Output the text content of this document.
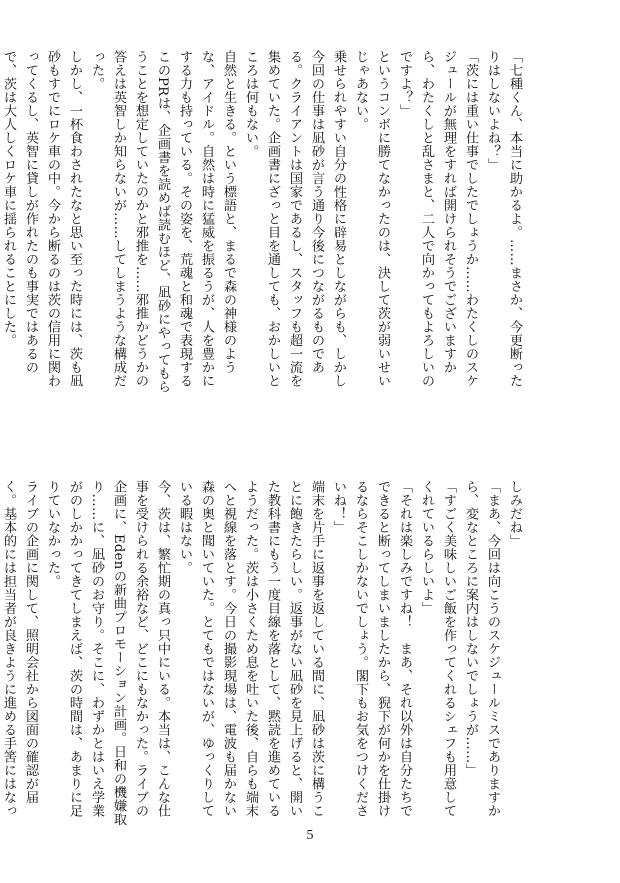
「七種くん、本当に助かるよ。……まさか、今更断ったりはしないよね？」

「茨には重い仕事でしたでしょうか……わたくしのスケジュールが無理をすれば開けられそうでございますから、わたくしと乱さまと、二人で向かってもよろしいのですよ？」

というコンボに勝てなかったのは、決して茨が弱いせいじゃあない。

乗せられやすい自分の性格に辟易としながらも、しかし今回の仕事は凪砂が言う通り今後につながるものである。クライアントは国家であるし、スタッフも超一流を集めていた。企画書にざっと目を通しても、おかしいところは何もない。

自然と生きる。という標語と、まるで森の神様のような、アイドル。自然は時に猛威を振るうが、人を豊かにする力も持っている。その姿を、荒魂と和魂で表現するこのPRは、企画書を読めば読むほど、凪砂にやってもらうことを想定していたのかと邪推を……邪推かどうかの答えは英智しか知らないが……してしまうような構成だった。

しかし、一杯食わされたなと思い至った時には、茨も凪砂もすでにロケ車の中。今から断るのは茨の信用に関わってくるし、英智に貸しが作れたのも事実ではあるので、茨は大人しくロケ車に揺られることにした。

しみだね」

「まあ、今回は向こうのスケジュールミスでありますから、変なところに案内はしないでしょうが……」

「すごく美味しいご飯を作ってくれるシェフも用意してくれているらしいよ」

「それは楽しみですね！　まあ、それ以外は自分たちでできると断ってしまいましたから、猊下が何かを仕掛けるならそこしかないでしょう。閣下もお気をつけくださいね！」

端末を片手に返事を返している間に、凪砂は茨に構うことに飽きたらしい。返事がない凪砂を見上げると、開いた教科書にもう一度目線を落として、黙読を進めているようだった。茨は小さくため息を吐いた後、自らも端末へと視線を落とす。今日の撮影現場は、電波も届かない森の奥と聞いていた。とてもではないが、ゆっくりしている暇はない。

今、茨は、繁忙期の真っ只中にいる。本当は、こんな仕事を受けられる余裕など、どこにもなかった。ライブの企画に、Edenの新曲プロモーション計画。日和の機嫌取り……に、凪砂のお守り。そこに、わずかとはいえ学業がのしかかってきてしまえば、茨の時間は、あまりに足りていなかった。

ライブの企画に関して、照明会社から図面の確認が届く。基本的には担当者が良きように進める手筈にはなっ

5
